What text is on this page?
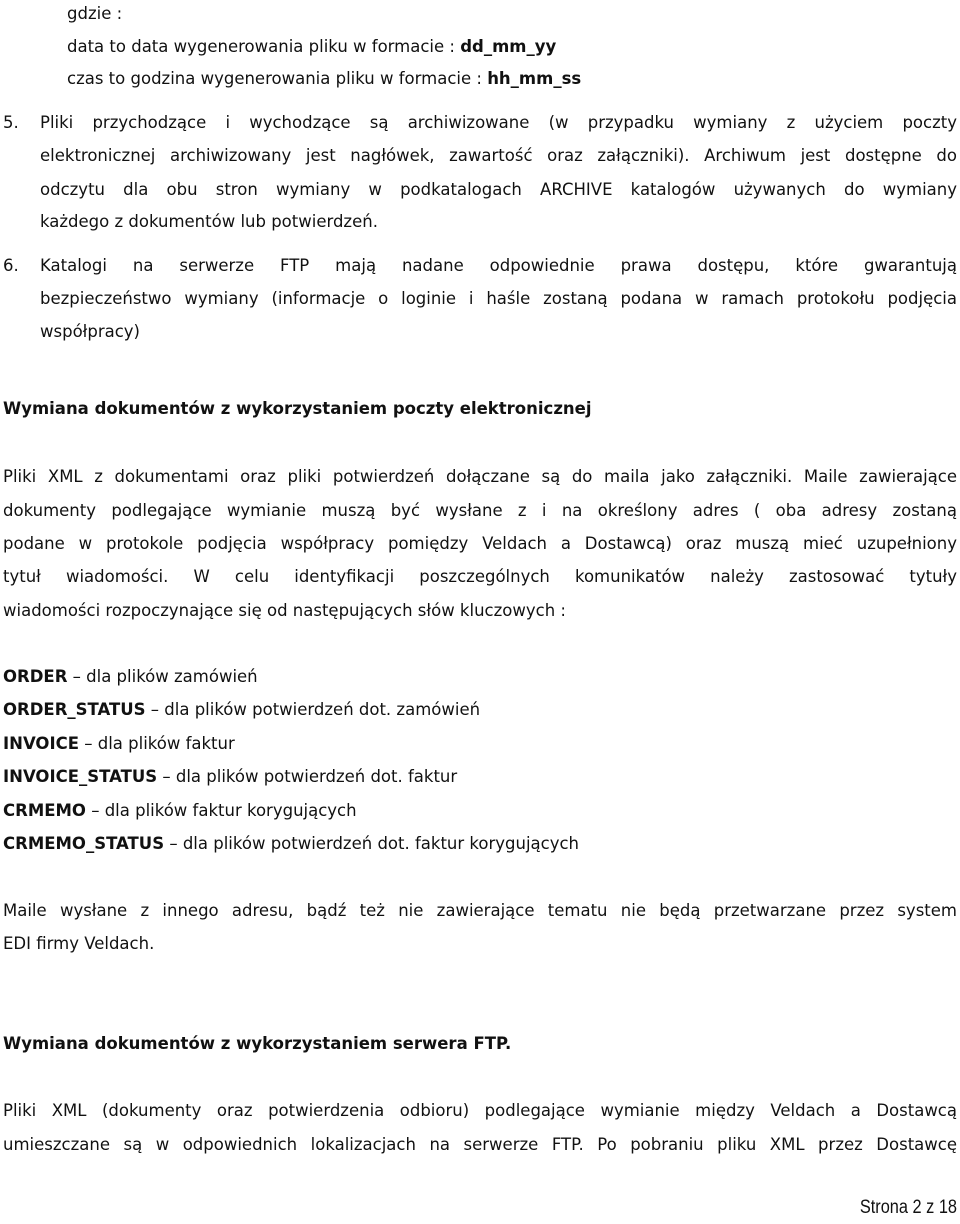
gdzie :
data to data wygenerowania pliku w formacie : dd_mm_yy
czas to godzina wygenerowania pliku w formacie : hh_mm_ss
5. Pliki przychodzące i wychodzące są archiwizowane (w przypadku wymiany z użyciem poczty
elektronicznej archiwizowany jest nagłówek, zawartość oraz załączniki). Archiwum jest dostępne do
odczytu dla obu stron wymiany w podkatalogach ARCHIVE katalogów używanych do wymiany
każdego z dokumentów lub potwierdzeń.
6. Katalogi na serwerze FTP mają nadane odpowiednie prawa dostępu, które gwarantują
bezpieczeństwo wymiany (informacje o loginie i haśle zostaną podana w ramach protokołu podjęcia
współpracy)
Wymiana dokumentów z wykorzystaniem poczty elektronicznej
Pliki XML z dokumentami oraz pliki potwierdzeń dołączane są do maila jako załączniki. Maile zawierające
dokumenty podlegające wymianie muszą być wysłane z i na określony adres ( oba adresy zostaną
podane w protokole podjęcia współpracy pomiędzy Veldach a Dostawcą) oraz muszą mieć uzupełniony
tytuł wiadomości. W celu identyfikacji poszczególnych komunikatów należy zastosować tytuły
wiadomości rozpoczynające się od następujących słów kluczowych :
ORDER – dla plików zamówień
ORDER_STATUS – dla plików potwierdzeń dot. zamówień
INVOICE – dla plików faktur
INVOICE_STATUS – dla plików potwierdzeń dot. faktur
CRMEMO – dla plików faktur korygujących
CRMEMO_STATUS – dla plików potwierdzeń dot. faktur korygujących
Maile wysłane z innego adresu, bądź też nie zawierające tematu nie będą przetwarzane przez system
EDI firmy Veldach.
Wymiana dokumentów z wykorzystaniem serwera FTP.
Pliki XML (dokumenty oraz potwierdzenia odbioru) podlegające wymianie między Veldach a Dostawcą
umieszczane są w odpowiednich lokalizacjach na serwerze FTP. Po pobraniu pliku XML przez Dostawcę
Strona 2 z 18
